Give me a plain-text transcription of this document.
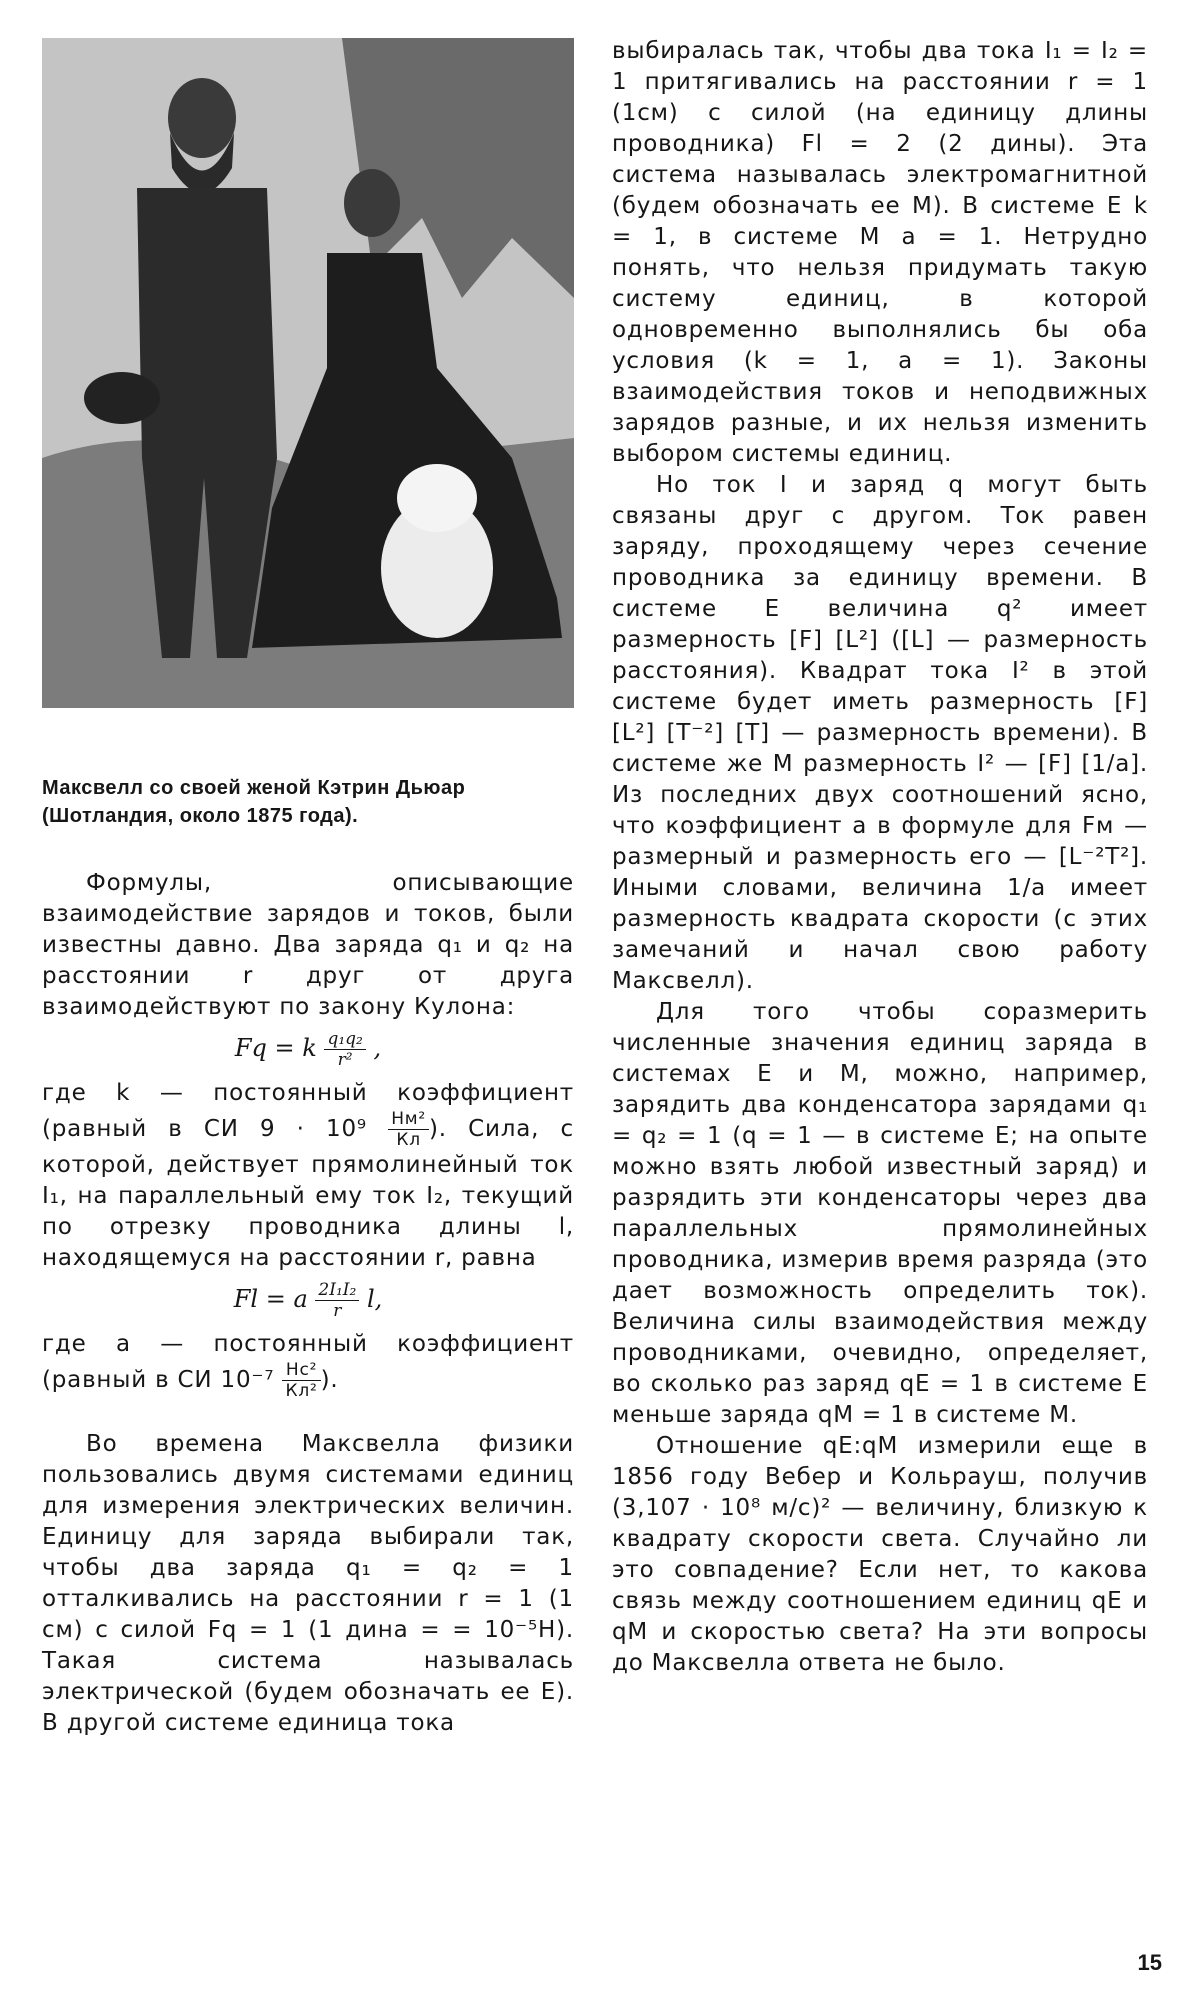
Максвелл со своей женой Кэтрин Дьюар (Шотландия, около 1875 года).

Формулы, описывающие взаимодействие зарядов и токов, были известны давно. Два заряда q₁ и q₂ на расстоянии r друг от друга взаимодействуют по закону Кулона:

Fq = k $\frac{\text{q₁q₂}}{\text{r²}}$ ,

где k — постоянный коэффициент (равный в СИ $9 \cdot 10^9 \frac{\text{Нм²}}{Кл}$ ). Сила, с которой, действует прямолинейный ток I₁, на параллельный ему ток I₂, текущий по отрезку проводника длины l, находящемуся на расстоянии r, равна

Fl = a $\frac{\text{2I₁I₂}}{r} l$,

где a — постоянный коэффициент (равный в СИ $10^{-7} \frac{\text{Нс²}}{\text{Кл²}}$ ).

Во времена Максвелла физики пользовались двумя системами единиц для измерения электрических величин. Единицу для заряда выбирали так, чтобы два заряда q₁ = q₂ = 1 отталкивались на расстоянии r = 1 (1 см) с силой Fq = 1 (1 дина = = 10⁻⁵Н). Такая система называлась электрической (будем обозначать ее Е). В другой системе единица тока

выбиралась так, чтобы два тока I₁ = I₂ = 1 притягивались на расстоянии r = 1 (1см) с силой (на единицу длины проводника) Fl = 2 (2 дины). Эта система называлась электромагнитной (будем обозначать ее М). В системе Е k = 1, в системе М a = 1. Нетрудно понять, что нельзя придумать такую систему единиц, в которой одновременно выполнялись бы оба условия (k = 1, a = 1). Законы взаимодействия токов и неподвижных зарядов разные, и их нельзя изменить выбором системы единиц.

Но ток I и заряд q могут быть связаны друг с другом. Ток равен заряду, проходящему через сечение проводника за единицу времени. В системе Е величина q² имеет размерность [F] [L²] ([L] — размерность расстояния). Квадрат тока I² в этой системе будет иметь размерность [F] [L²] [T⁻²] [T] — размерность времени). В системе же М размерность I² — [F] [1/a]. Из последних двух соотношений ясно, что коэффициент a в формуле для Fм — размерный и размерность его — [L⁻²T²]. Иными словами, величина 1/a имеет размерность квадрата скорости (с этих замечаний и начал свою работу Максвелл).

Для того чтобы соразмерить численные значения единиц заряда в системах Е и М, можно, например, зарядить два конденсатора зарядами q₁ = q₂ = 1 (q = 1 — в системе Е; на опыте можно взять любой известный заряд) и разрядить эти конденсаторы через два параллельных прямолинейных проводника, измерив время разряда (это дает возможность определить ток). Величина силы взаимодействия между проводниками, очевидно, определяет, во сколько раз заряд qЕ = 1 в системе Е меньше заряда qМ = 1 в системе М.

Отношение qЕ:qМ измерили еще в 1856 году Вебер и Кольрауш, получив (3,107 · 10⁸ м/с)² — величину, близкую к квадрату скорости света. Случайно ли это совпадение? Если нет, то какова связь между соотношением единиц qЕ и qМ и скоростью света? На эти вопросы до Максвелла ответа не было.

15
